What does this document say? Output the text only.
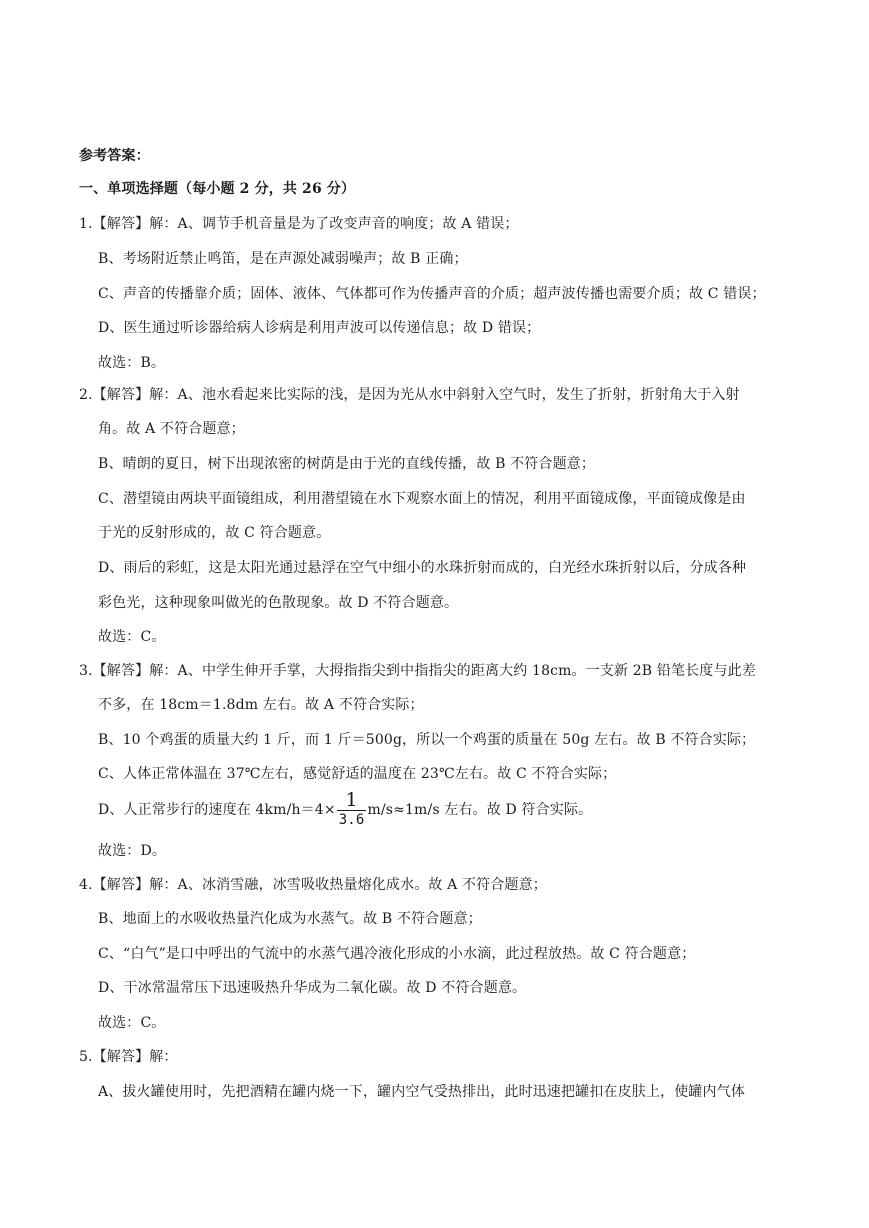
参考答案：
一、单项选择题（每小题 2 分，共 26 分）
1.【解答】解：A、调节手机音量是为了改变声音的响度；故 A 错误；
B、考场附近禁止鸣笛，是在声源处减弱噪声；故 B 正确；
C、声音的传播靠介质；固体、液体、气体都可作为传播声音的介质；超声波传播也需要介质；故 C 错误；
D、医生通过听诊器给病人诊病是利用声波可以传递信息；故 D 错误；
故选：B。
2.【解答】解：A、池水看起来比实际的浅，是因为光从水中斜射入空气时，发生了折射，折射角大于入射
角。故 A 不符合题意；
B、晴朗的夏日，树下出现浓密的树荫是由于光的直线传播，故 B 不符合题意；
C、潜望镜由两块平面镜组成，利用潜望镜在水下观察水面上的情况，利用平面镜成像，平面镜成像是由
于光的反射形成的，故 C 符合题意。
D、雨后的彩虹，这是太阳光通过悬浮在空气中细小的水珠折射而成的，白光经水珠折射以后，分成各种
彩色光，这种现象叫做光的色散现象。故 D 不符合题意。
故选：C。
3.【解答】解：A、中学生伸开手掌，大拇指指尖到中指指尖的距离大约 18cm。一支新 2B 铅笔长度与此差
不多，在 18cm＝1.8dm 左右。故 A 不符合实际；
B、10 个鸡蛋的质量大约 1 斤，而 1 斤＝500g，所以一个鸡蛋的质量在 50g 左右。故 B 不符合实际；
C、人体正常体温在 37℃左右，感觉舒适的温度在 23℃左右。故 C 不符合实际；
D、人正常步行的速度在 $4km/h=4\times \frac{1}{3.6} m/s\approx 1m/s$ 左右。故 D 符合实际。
故选：D。
4.【解答】解：A、冰消雪融，冰雪吸收热量熔化成水。故 A 不符合题意；
B、地面上的水吸收热量汽化成为水蒸气。故 B 不符合题意；
C、“白气”是口中呼出的气流中的水蒸气遇冷液化形成的小水滴，此过程放热。故 C 符合题意；
D、干冰常温常压下迅速吸热升华成为二氧化碳。故 D 不符合题意。
故选：C。
5.【解答】解：
A、拔火罐使用时，先把酒精在罐内烧一下，罐内空气受热排出，此时迅速把罐扣在皮肤上，使罐内气体
